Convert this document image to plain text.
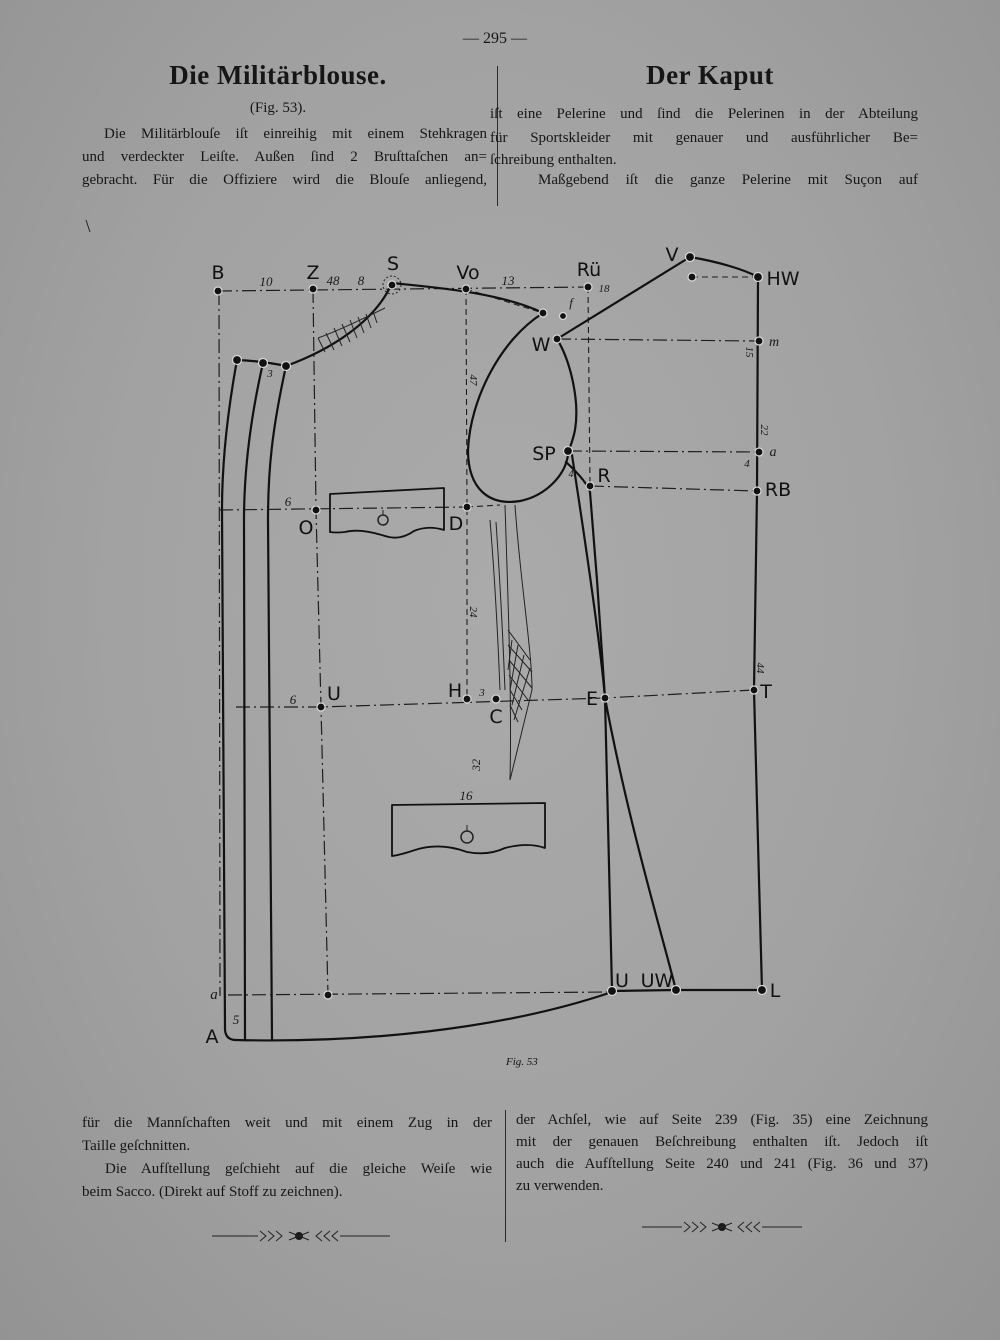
— 295 —
Die Militärblouse.
(Fig. 53).
Die Militärblouſe iſt einreihig mit einem Stehkragen
und verdeckter Leiſte. Außen ſind 2 Bruſttaſchen an=
gebracht. Für die Offiziere wird die Blouſe anliegend,
Der Kaput
iſt eine Pelerine und ſind die Pelerinen in der Abteilung
für Sportskleider mit genauer und ausführlicher Be=
ſchreibung enthalten.
Maßgebend iſt die ganze Pelerine mit Suçon auf
B	Z	S	Vo	Rü
V
HW
W
SP
R
RB
O	D
U	H
C
E	T
U UW	L
A
10	48 8	13
18
f
m
a
3
15
47
22
4
4
6
24
6	3
44
32
16
a
5
Fig. 53
für die Mannſchaften weit und mit einem Zug in der
Taille geſchnitten.
Die Aufſtellung geſchieht auf die gleiche Weiſe wie
beim Sacco. (Direkt auf Stoff zu zeichnen).
der Achſel, wie auf Seite 239 (Fig. 35) eine Zeichnung
mit der genauen Beſchreibung enthalten iſt. Jedoch iſt
auch die Aufſtellung Seite 240 und 241 (Fig. 36 und 37)
zu verwenden.
